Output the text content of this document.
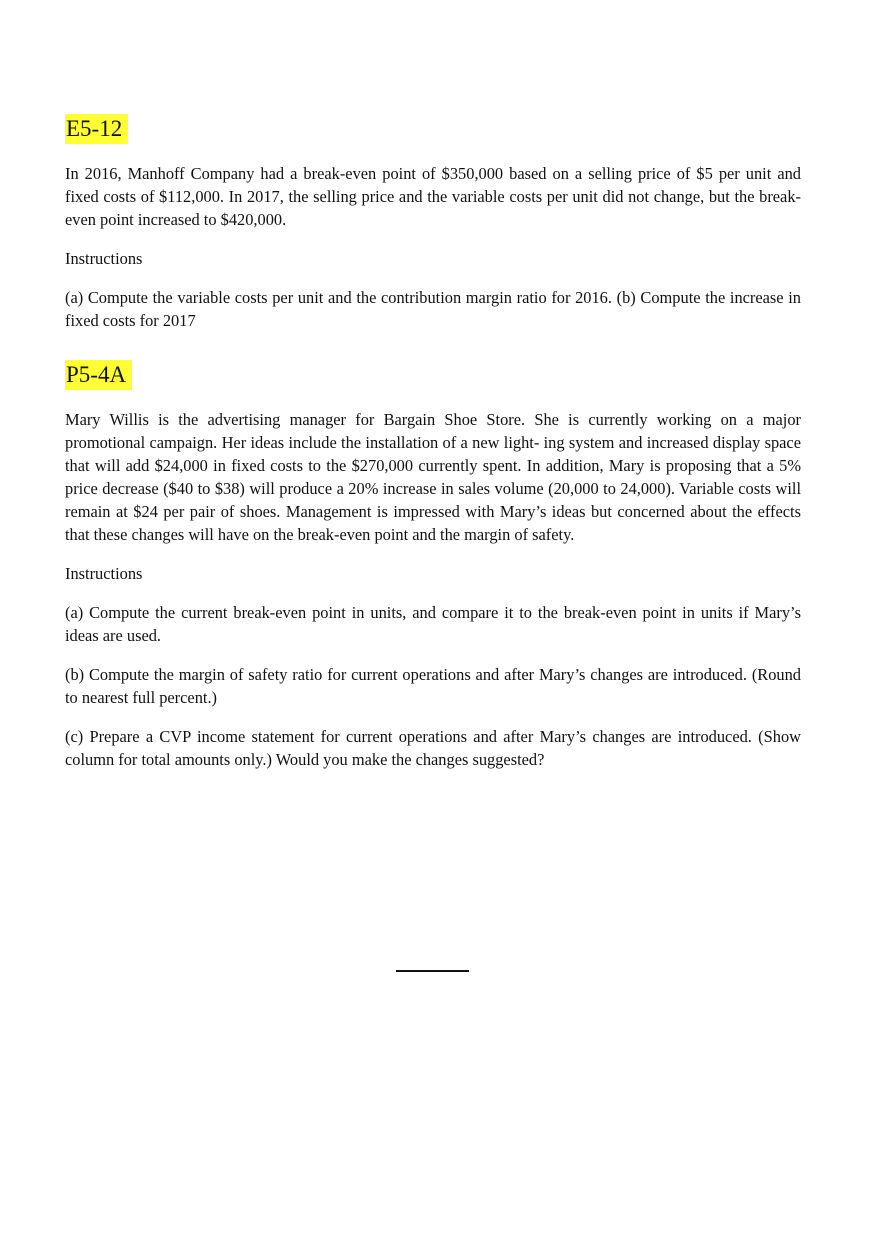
E5-12

In 2016, Manhoff Company had a break-even point of $350,000 based on a selling price of $5 per unit and fixed costs of $112,000. In 2017, the selling price and the variable costs per unit did not change, but the break-even point increased to $420,000.

Instructions

(a) Compute the variable costs per unit and the contribution margin ratio for 2016. (b) Compute the increase in fixed costs for 2017

P5-4A

Mary Willis is the advertising manager for Bargain Shoe Store. She is currently working on a major promotional campaign. Her ideas include the installation of a new light- ing system and increased display space that will add $24,000 in fixed costs to the $270,000 currently spent. In addition, Mary is proposing that a 5% price decrease ($40 to $38) will produce a 20% increase in sales volume (20,000 to 24,000). Variable costs will remain at $24 per pair of shoes. Management is impressed with Mary’s ideas but concerned about the effects that these changes will have on the break-even point and the margin of safety.

Instructions

(a) Compute the current break-even point in units, and compare it to the break-even point in units if Mary’s ideas are used.

(b) Compute the margin of safety ratio for current operations and after Mary’s changes are introduced. (Round to nearest full percent.)

(c) Prepare a CVP income statement for current operations and after Mary’s changes are introduced. (Show column for total amounts only.) Would you make the changes suggested?
